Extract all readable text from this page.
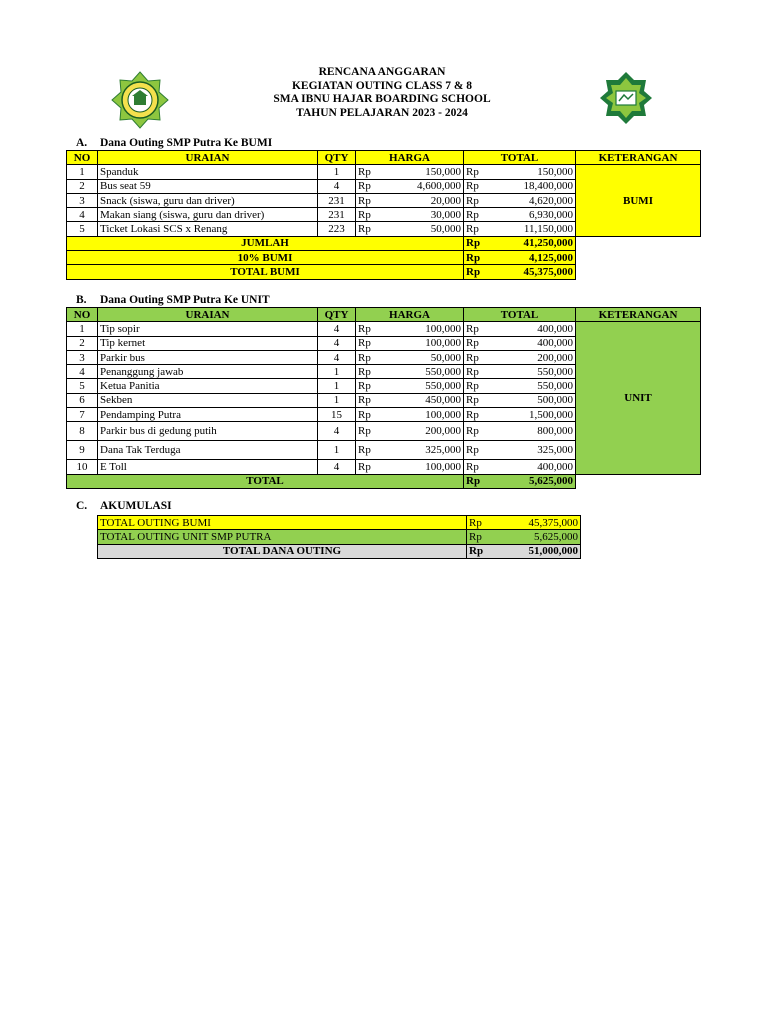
RENCANA ANGGARAN
KEGIATAN OUTING CLASS 7 & 8
SMA IBNU HAJAR BOARDING SCHOOL
TAHUN PELAJARAN 2023 - 2024
A. Dana Outing SMP Putra Ke BUMI
NO	URAIAN	QTY	HARGA		TOTAL		KETERANGAN
1	Spanduk	1	Rp	150,000	Rp	150,000	BUMI
2	Bus seat 59	4	Rp	4,600,000	Rp	18,400,000	
3	Snack (siswa, guru dan driver)	231	Rp	20,000	Rp	4,620,000	
4	Makan siang (siswa, guru dan driver)	231	Rp	30,000	Rp	6,930,000	
5	Ticket Lokasi SCS x Renang	223	Rp	50,000	Rp	11,150,000	
JUMLAH					Rp	41,250,000	
10% BUMI					Rp	4,125,000	
TOTAL BUMI					Rp	45,375,000	
B. Dana Outing SMP Putra Ke UNIT
NO	URAIAN	QTY	HARGA		TOTAL		KETERANGAN
1	Tip sopir	4	Rp	100,000	Rp	400,000	UNIT
2	Tip kernet	4	Rp	100,000	Rp	400,000	
3	Parkir bus	4	Rp	50,000	Rp	200,000	
4	Penanggung jawab	1	Rp	550,000	Rp	550,000	
5	Ketua Panitia	1	Rp	550,000	Rp	550,000	
6	Sekben	1	Rp	450,000	Rp	500,000	
7	Pendamping Putra	15	Rp	100,000	Rp	1,500,000	
8	Parkir bus di gedung putih	4	Rp	200,000	Rp	800,000	
9	Dana Tak Terduga	1	Rp	325,000	Rp	325,000	
10	E Toll	4	Rp	100,000	Rp	400,000	
TOTAL					Rp	5,625,000	
C. AKUMULASI
TOTAL OUTING BUMI	Rp	45,375,000
TOTAL OUTING UNIT SMP PUTRA	Rp	5,625,000
TOTAL DANA OUTING	Rp	51,000,000
